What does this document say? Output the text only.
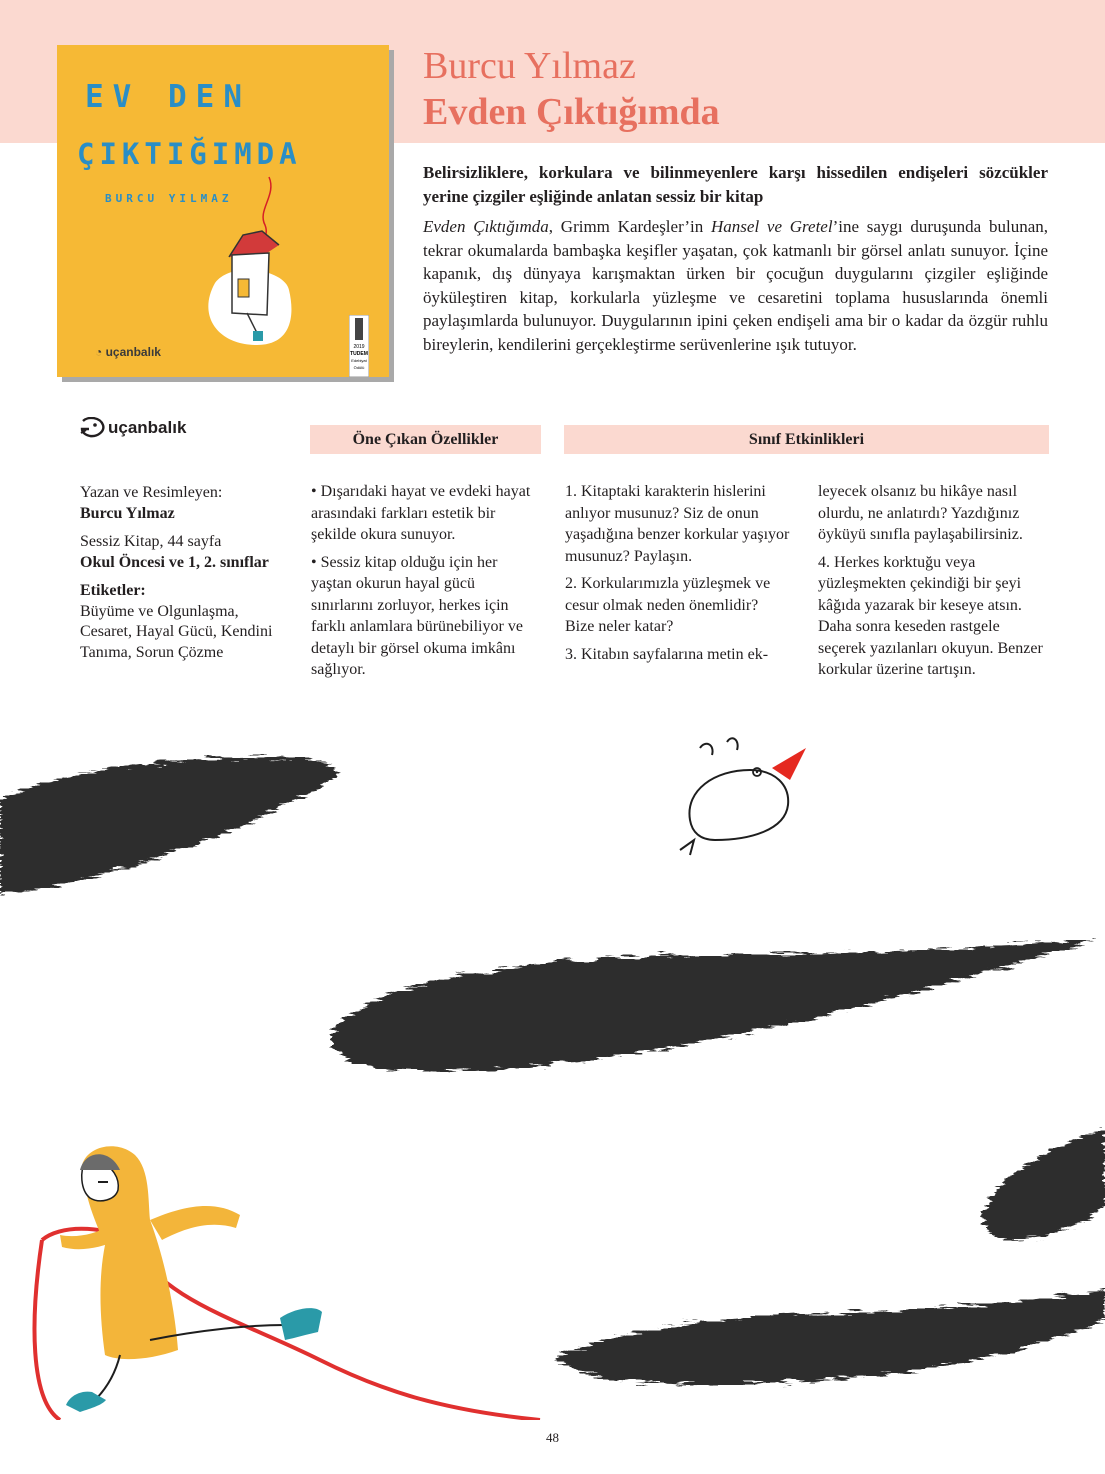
EV DEN
ÇIKTIĞIMDA
BURCU YILMAZ
◔ uçanbalık	2019
TUDEM
Edebiyat
Ödülü
Burcu Yılmaz
Evden Çıktığımda
Belirsizliklere, korkulara ve bilinmeyenlere karşı hissedilen endişeleri sözcükler yerine çizgiler eşliğinde anlatan sessiz bir kitap
Evden Çıktığımda, Grimm Kardeşler’in Hansel ve Gretel’ine saygı duruşunda bulunan, tekrar okumalarda bambaşka keşifler yaşatan, çok katmanlı bir görsel anlatı sunuyor. İçine kapanık, dış dünyaya karışmaktan ürken bir çocuğun duygularını çizgiler eşliğinde öyküleştiren kitap, korkularla yüzleşme ve cesaretini toplama hususlarında önemli paylaşımlarda bulunuyor. Duygularının ipini çeken endişeli ama bir o kadar da özgür ruhlu bireylerin, kendilerini gerçekleştirme serüvenlerine ışık tutuyor.
uçanbalık

Yazan ve Resimleyen:

Burcu Yılmaz

Sessiz Kitap, 44 sayfa

Okul Öncesi ve 1, 2. sınıflar

Etiketler:

Büyüme ve Olgunlaşma, Cesaret, Hayal Gücü, Kendini Tanıma, Sorun Çözme

Öne Çıkan Özellikler	Sınıf Etkinlikleri

• Dışarıdaki hayat ve evdeki hayat arasındaki farkları estetik bir şekilde okura sunuyor.

• Sessiz kitap olduğu için her yaştan okurun hayal gücü sınırlarını zorluyor, herkes için farklı anlamlara bürünebiliyor ve detaylı bir görsel okuma imkânı sağlıyor.

1. Kitaptaki karakterin hislerini anlıyor musunuz? Siz de onun yaşadığına benzer korkular yaşıyor musunuz? Paylaşın.

2. Korkularımızla yüzleşmek ve cesur olmak neden önemlidir? Bize neler katar?

3. Kitabın sayfalarına metin ek-

leyecek olsanız bu hikâye nasıl olurdu, ne anlatırdı? Yazdığınız öyküyü sınıfla paylaşabilirsiniz.

4. Herkes korktuğu veya yüzleşmekten çekindiği bir şeyi kâğıda yazarak bir keseye atsın. Daha sonra keseden rastgele seçerek yazılanları okuyun. Benzer korkular üzerine tartışın.

48
